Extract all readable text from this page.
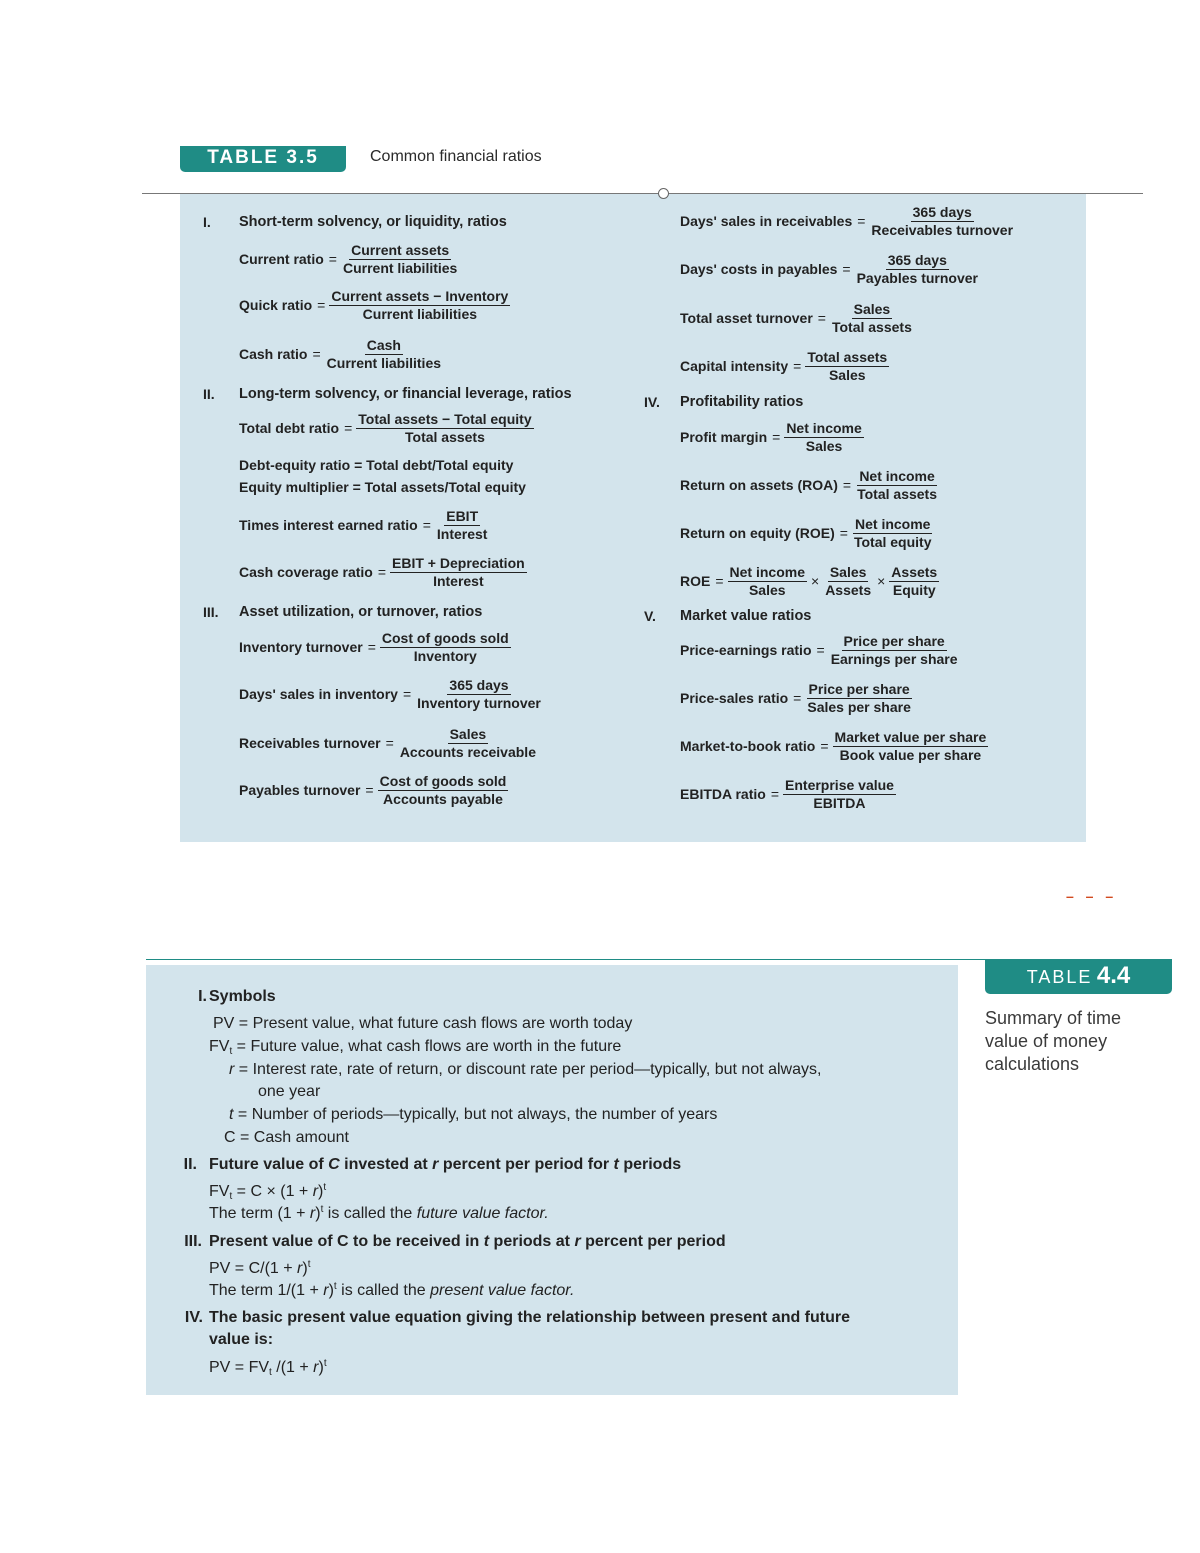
TABLE 3.5	Common financial ratios
I. Short-term solvency, or liquidity, ratios
Current ratio = $\frac{\text{Current assets}}{\text{Current liabilities}}$
Quick ratio = $\frac{\text{Current assets − Inventory}}{\text{Current liabilities}}$
Cash ratio = $\frac{\text{Cash}}{\text{Current liabilities}}$
II. Long-term solvency, or financial leverage, ratios
Total debt ratio = $\frac{\text{Total assets − Total equity}}{\text{Total assets}}$
Debt-equity ratio = Total debt/Total equity
Equity multiplier = Total assets/Total equity
Times interest earned ratio = $\frac{\text{EBIT}}{\text{Interest}}$
Cash coverage ratio = $\frac{\text{EBIT + Depreciation}}{\text{Interest}}$
III. Asset utilization, or turnover, ratios
Inventory turnover = $\frac{\text{Cost of goods sold}}{\text{Inventory}}$
Days' sales in inventory = $\frac{\text{365 days}}{\text{Inventory turnover}}$
Receivables turnover = $\frac{\text{Sales}}{\text{Accounts receivable}}$
Payables turnover = $\frac{\text{Cost of goods sold}}{\text{Accounts payable}}$
Days' sales in receivables = $\frac{\text{365 days}}{\text{Receivables turnover}}$
Days' costs in payables = $\frac{\text{365 days}}{\text{Payables turnover}}$
Total asset turnover = $\frac{\text{Sales}}{\text{Total assets}}$
Capital intensity = $\frac{\text{Total assets}}{\text{Sales}}$
IV. Profitability ratios
Profit margin = $\frac{\text{Net income}}{\text{Sales}}$
Return on assets $(ROA) = \frac{\text{Net income}}{\text{Total assets}}$
Return on equity $(ROE) = \frac{\text{Net income}}{\text{Total equity}}$
ROE = $\frac{\text{Net income}}{\text{Sales}} \times \frac{\text{Sales}}{\text{Assets}} \times \frac{\text{Assets}}{\text{Equity}}$
V. Market value ratios
Price-earnings ratio = $\frac{\text{Price per share}}{\text{Earnings per share}}$
Price-sales ratio = $\frac{\text{Price per share}}{\text{Sales per share}}$
Market-to-book ratio = $\frac{\text{Market value per share}}{\text{Book value per share}}$
EBITDA ratio = $\frac{\text{Enterprise value}}{\text{EBITDA}}$
– – –
TABLE 4.4
Summary of time value of money calculations
I. Symbols
PV = Present value, what future cash flows are worth today
$FV_t$ = Future value, what cash flows are worth in the future
r = Interest rate, rate of return, or discount rate per period—typically, but not always,
one year
t = Number of periods—typically, but not always, the number of years
C = Cash amount
II. Future value of C invested at r percent per period for t periods
$FV_t = C \times (1 + r)^t$
The term $(1 + r)^t$ is called the future value factor.
III. Present value of C to be received in t periods at r percent per period
PV = $C/(1 + r)^t$
The term $1/(1 + r)^t$ is called the present value factor.
IV. The basic present value equation giving the relationship between present and future
value is:
PV = $FV_t$ $/(1 + r)^t$
